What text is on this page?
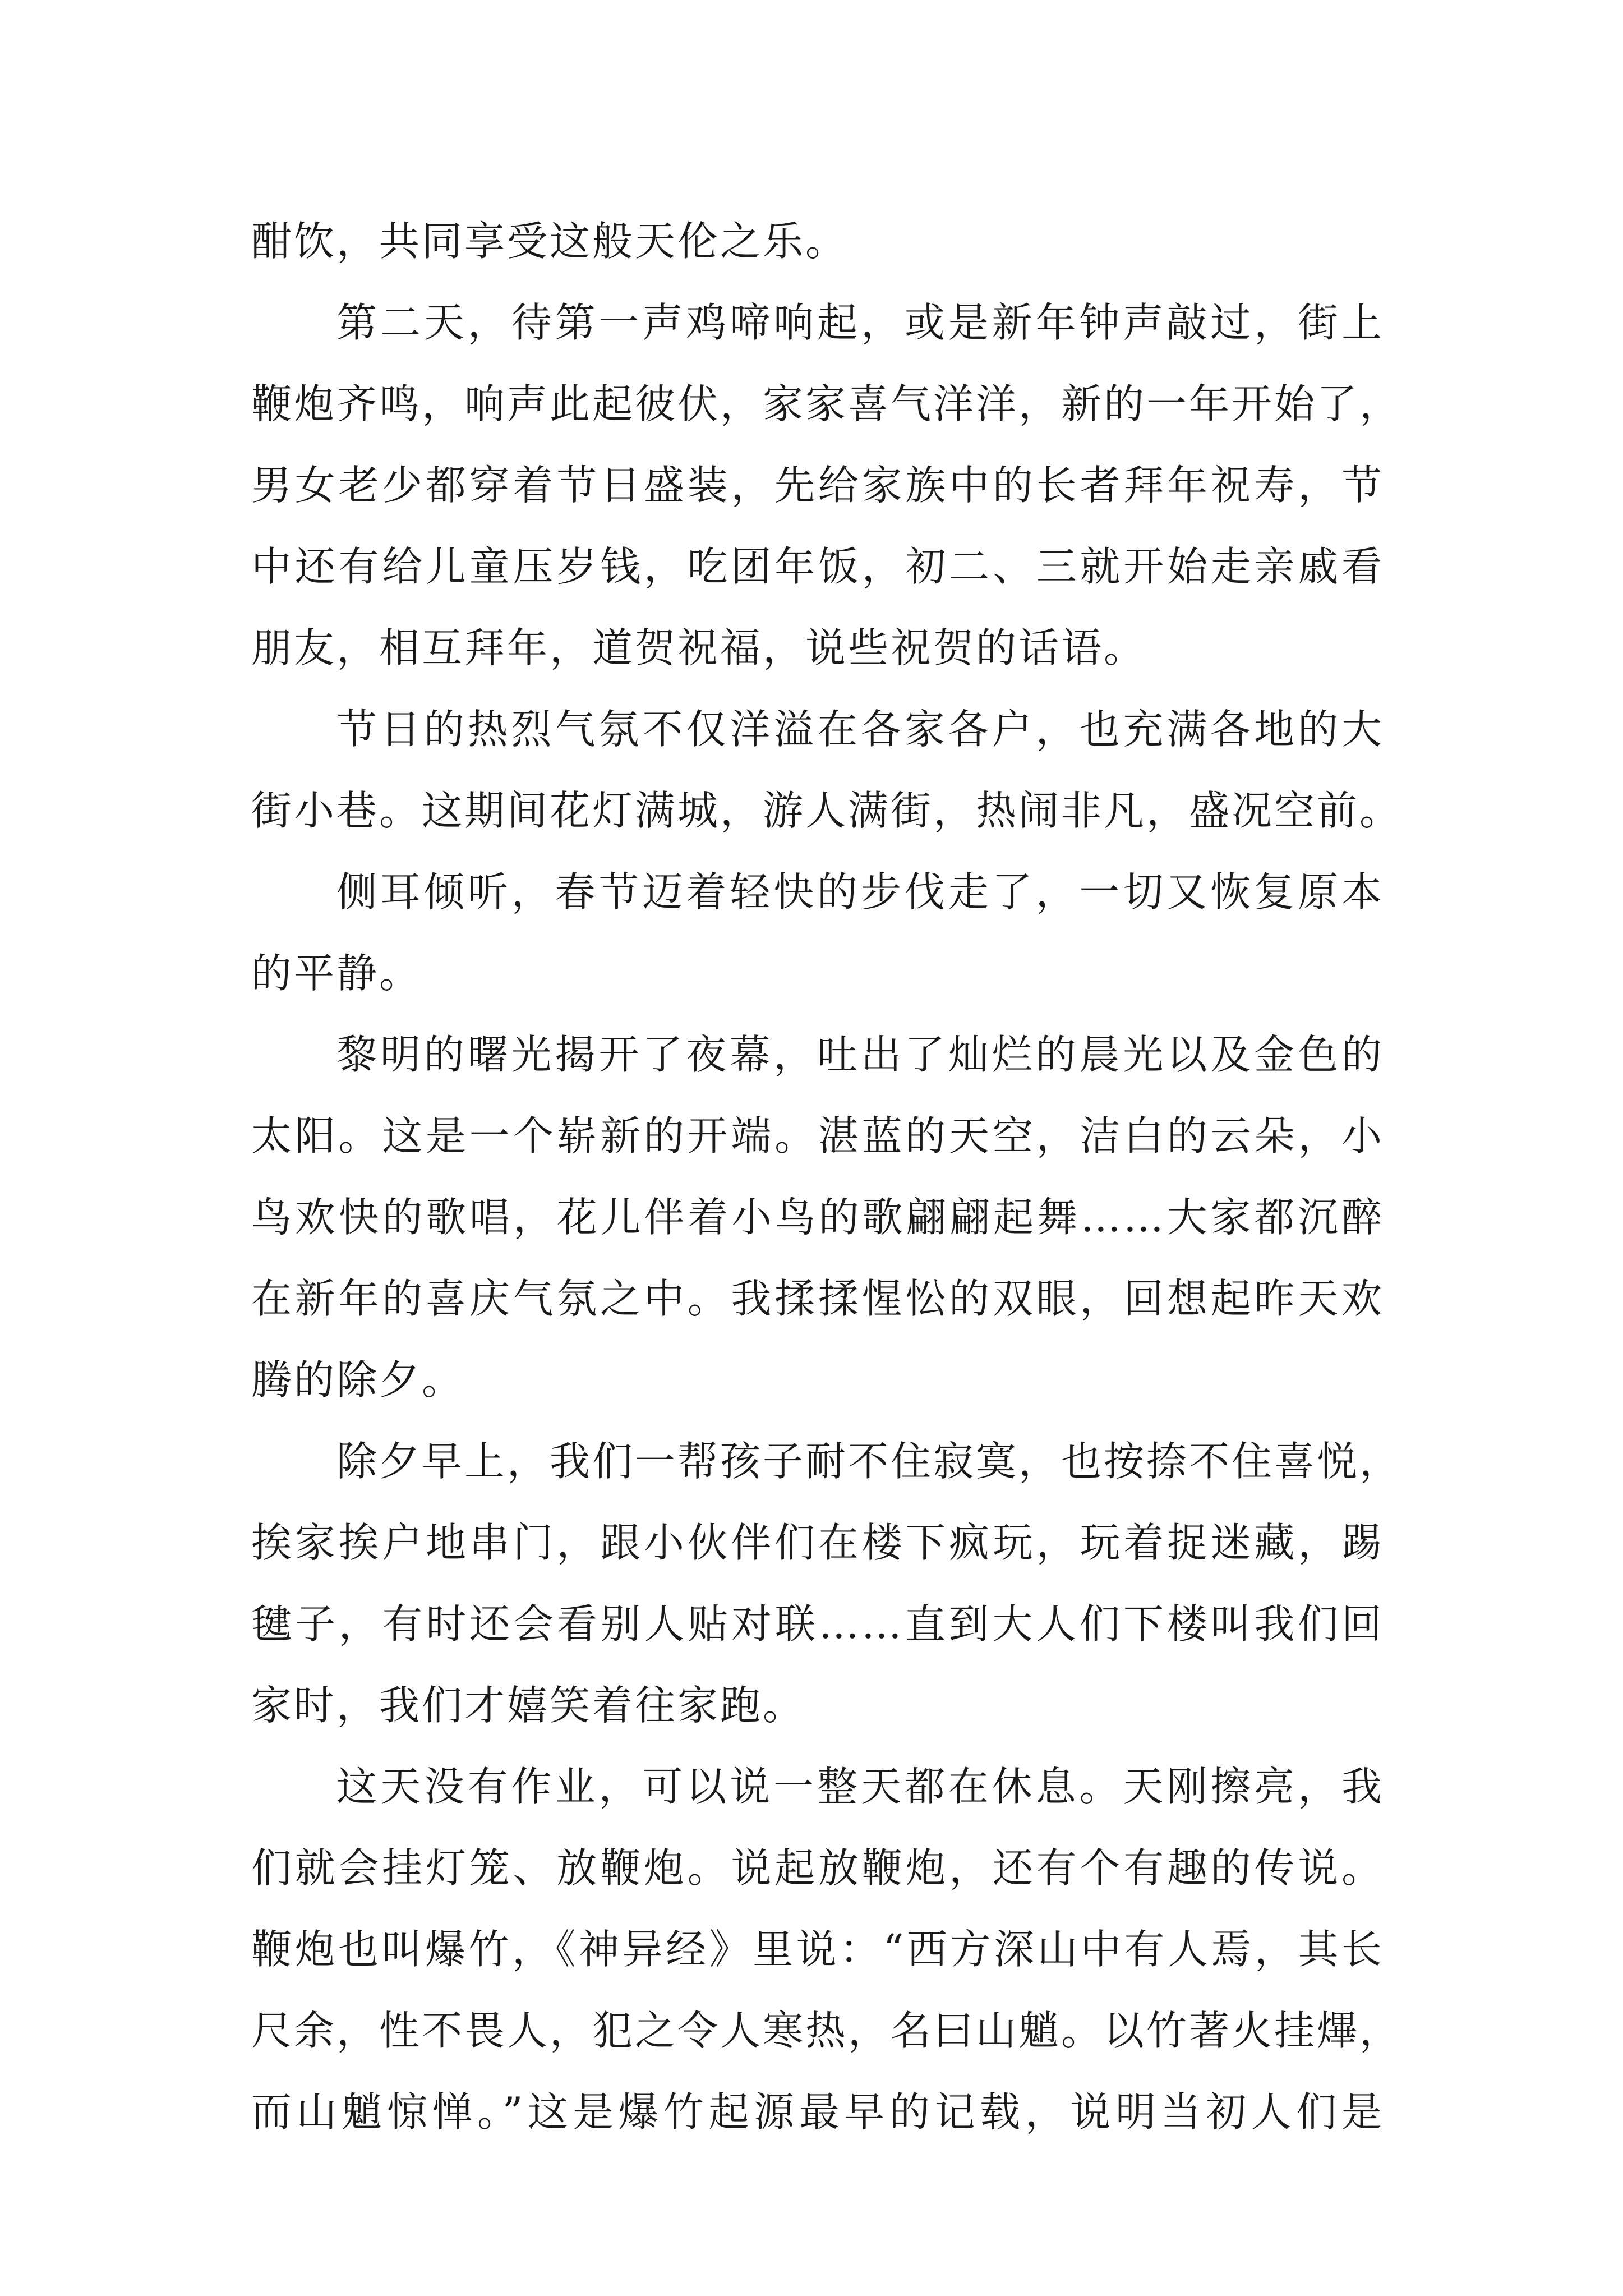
酣饮，共同享受这般天伦之乐。

第二天，待第一声鸡啼响起，或是新年钟声敲过，街上
鞭炮齐鸣，响声此起彼伏，家家喜气洋洋，新的一年开始了，
男女老少都穿着节日盛装，先给家族中的长者拜年祝寿，节
中还有给儿童压岁钱，吃团年饭，初二、三就开始走亲戚看
朋友，相互拜年，道贺祝福，说些祝贺的话语。

节日的热烈气氛不仅洋溢在各家各户，也充满各地的大
街小巷。这期间花灯满城，游人满街，热闹非凡，盛况空前。

侧耳倾听，春节迈着轻快的步伐走了，一切又恢复原本
的平静。

黎明的曙光揭开了夜幕，吐出了灿烂的晨光以及金色的
太阳。这是一个崭新的开端。湛蓝的天空，洁白的云朵，小
鸟欢快的歌唱，花儿伴着小鸟的歌翩翩起舞……大家都沉醉
在新年的喜庆气氛之中。我揉揉惺忪的双眼，回想起昨天欢
腾的除夕。

除夕早上，我们一帮孩子耐不住寂寞，也按捺不住喜悦，
挨家挨户地串门，跟小伙伴们在楼下疯玩，玩着捉迷藏，踢
毽子，有时还会看别人贴对联……直到大人们下楼叫我们回
家时，我们才嬉笑着往家跑。

这天没有作业，可以说一整天都在休息。天刚擦亮，我
们就会挂灯笼、放鞭炮。说起放鞭炮，还有个有趣的传说。
鞭炮也叫爆竹，《神异经》里说：“西方深山中有人焉，其长
尺余，性不畏人，犯之令人寒热，名曰山魈。以竹著火挂熚，
而山魈惊惮。”这是爆竹起源最早的记载，说明当初人们是
